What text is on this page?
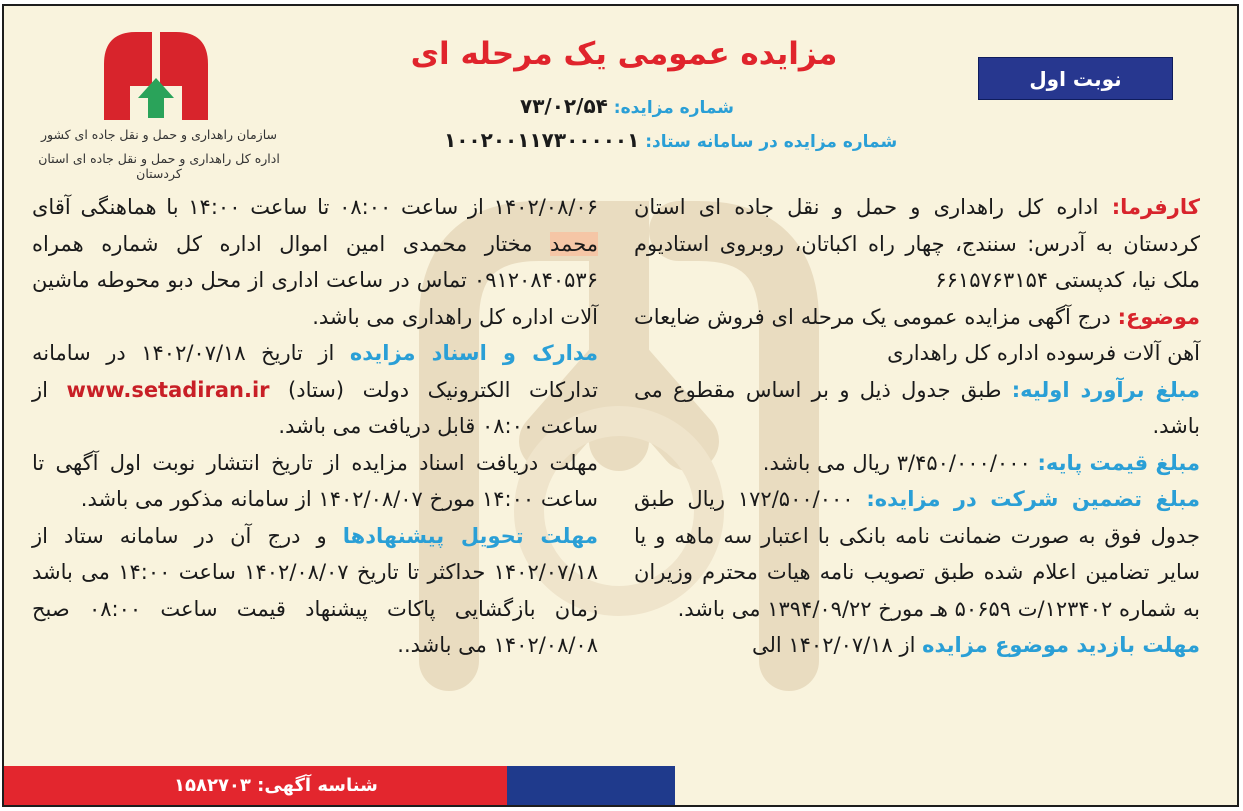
نوبت اول
مزایده عمومی یک مرحله ای
شماره مزایده: ۷۳/۰۲/۵۴
شماره مزایده در سامانه ستاد: ۱۰۰۲۰۰۱۱۷۳۰۰۰۰۰۱
سازمان راهداری و حمل و نقل جاده ای کشور
اداره کل راهداری و حمل و نقل جاده ای استان کردستان

کارفرما: اداره کل راهداری و حمل و نقل جاده ای استان کردستان به آدرس: سنندج، چهار راه اکباتان، روبروی استادیوم ملک نیا، کدپستی ۶۶۱۵۷۶۳۱۵۴

موضوع: درج آگهی مزایده عمومی یک مرحله ای فروش ضایعات آهن آلات فرسوده اداره کل راهداری

مبلغ برآورد اولیه: طبق جدول ذیل و بر اساس مقطوع می باشد.

مبلغ قیمت پایه: ۳/۴۵۰/۰۰۰/۰۰۰ ریال می باشد.

مبلغ تضمین شرکت در مزایده: ۱۷۲/۵۰۰/۰۰۰ ریال طبق جدول فوق به صورت ضمانت نامه بانکی با اعتبار سه ماهه و یا سایر تضامین اعلام شده طبق تصویب نامه هیات محترم وزیران به شماره ۱۲۳۴۰۲/ت ۵۰۶۵۹ هـ مورخ ۱۳۹۴/۰۹/۲۲ می باشد.

مهلت بازدید موضوع مزایده از ۱۴۰۲/۰۷/۱۸ الی

۱۴۰۲/۰۸/۰۶ از ساعت ۰۸:۰۰ تا ساعت ۱۴:۰۰ با هماهنگی آقای محمد مختار محمدی امین اموال اداره کل شماره همراه ۰۹۱۲۰۸۴۰۵۳۶ تماس در ساعت اداری از محل دبو محوطه ماشین آلات اداره کل راهداری می باشد.

مدارک و اسناد مزایده از تاریخ ۱۴۰۲/۰۷/۱۸ در سامانه تدارکات الکترونیک دولت (ستاد) www.setadiran.ir از ساعت ۰۸:۰۰ قابل دریافت می باشد.

مهلت دریافت اسناد مزایده از تاریخ انتشار نوبت اول آگهی تا ساعت ۱۴:۰۰ مورخ ۱۴۰۲/۰۸/۰۷ از سامانه مذکور می باشد.

مهلت تحویل پیشنهادها و درج آن در سامانه ستاد از ۱۴۰۲/۰۷/۱۸ حداکثر تا تاریخ ۱۴۰۲/۰۸/۰۷ ساعت ۱۴:۰۰ می باشد زمان بازگشایی پاکات پیشنهاد قیمت ساعت ۰۸:۰۰ صبح ۱۴۰۲/۰۸/۰۸ می باشد..

شناسه آگهی: ۱۵۸۲۷۰۳
